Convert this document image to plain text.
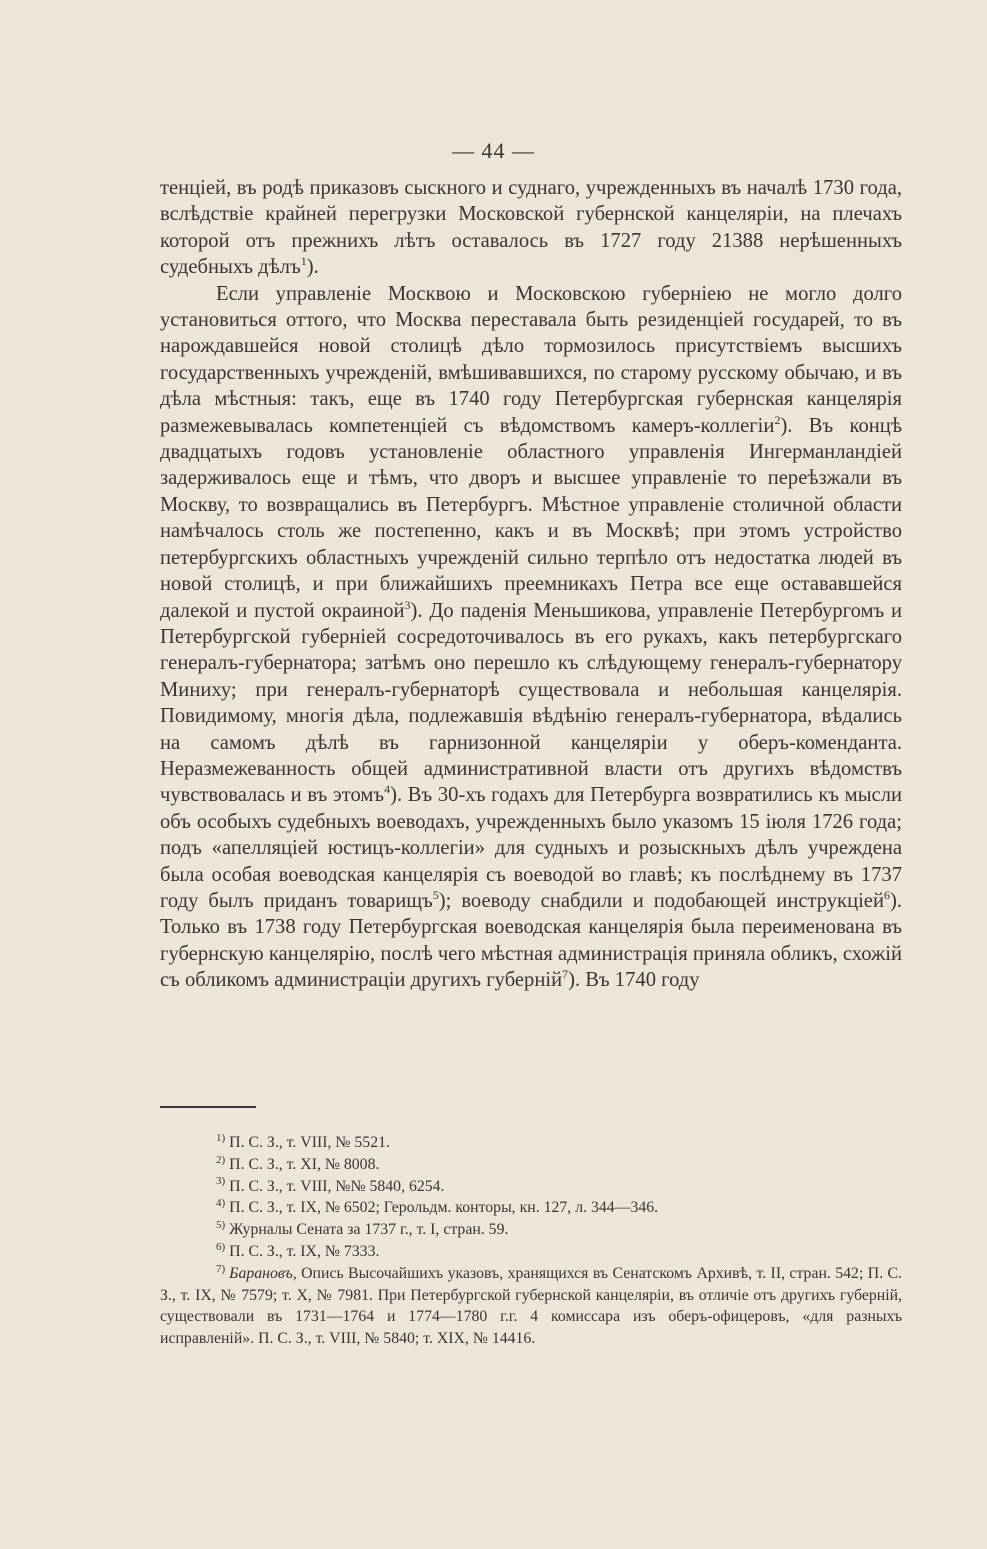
— 44 —

тенціей, въ родѣ приказовъ сыскного и суднаго, учрежденныхъ въ началѣ 1730 года, вслѣдствіе крайней перегрузки Московской губернской канцеляріи, на плечахъ которой отъ прежнихъ лѣтъ оставалось въ 1727 году 21388 нерѣшенныхъ судебныхъ дѣлъ$^1$).

Если управленіе Москвою и Московскою губерніею не могло долго установиться оттого, что Москва переставала быть резиденціей государей, то въ нарождавшейся новой столицѣ дѣло тормозилось присутствіемъ высшихъ государственныхъ учрежденій, вмѣшивавшихся, по старому русскому обычаю, и въ дѣла мѣстныя: такъ, еще въ 1740 году Петербургская губернская канцелярія размежевывалась компетенціей съ вѣдомствомъ камеръ-коллегіи$^2$). Въ концѣ двадцатыхъ годовъ установленіе областного управленія Ингерманландіей задерживалось еще и тѣмъ, что дворъ и высшее управленіе то переѣзжали въ Москву, то возвращались въ Петербургъ. Мѣстное управленіе столичной области намѣчалось столь же постепенно, какъ и въ Москвѣ; при этомъ устройство петербургскихъ областныхъ учрежденій сильно терпѣло отъ недостатка людей въ новой столицѣ, и при ближайшихъ преемникахъ Петра все еще остававшейся далекой и пустой окраиной$^3$). До паденія Меньшикова, управленіе Петербургомъ и Петербургской губерніей сосредоточивалось въ его рукахъ, какъ петербургскаго генералъ-губернатора; затѣмъ оно перешло къ слѣдующему генералъ-губернатору Миниху; при генералъ-губернаторѣ существовала и небольшая канцелярія. Повидимому, многія дѣла, подлежавшія вѣдѣнію генералъ-губернатора, вѣдались на самомъ дѣлѣ въ гарнизонной канцеляріи у оберъ-коменданта. Неразмежеванность общей административной власти отъ другихъ вѣдомствъ чувствовалась и въ этомъ$^4$). Въ 30-хъ годахъ для Петербурга возвратились къ мысли объ особыхъ судебныхъ воеводахъ, учрежденныхъ было указомъ 15 іюля 1726 года; подъ «апелляціей юстицъ-коллегіи» для судныхъ и розыскныхъ дѣлъ учреждена была особая воеводская канцелярія съ воеводой во главѣ; къ послѣднему въ 1737 году былъ приданъ товарищъ$^5$); воеводу снабдили и подобающей инструкціей$^6$). Только въ 1738 году Петербургская воеводская канцелярія была переименована въ губернскую канцелярію, послѣ чего мѣстная администрація приняла обликъ, схожій съ обликомъ администраціи другихъ губерній$^7$). Въ 1740 году

$^{1)}$ П. С. З., т. VIII, № 5521.
$^{2)}$ П. С. З., т. XI, № 8008.
$^{3)}$ П. С. З., т. VIII, №№ 5840, 6254.
$^{4)}$ П. С. З., т. IX, № 6502; Герольдм. конторы, кн. 127, л. 344—346.
$^{5)}$ Журналы Сената за 1737 г., т. I, стран. 59.
$^{6)}$ П. С. З., т. IX, № 7333.
$^{7)}$ Барановъ, Опись Высочайшихъ указовъ, хранящихся въ Сенатскомъ Архивѣ, т. II, стран. 542; П. С. З., т. IX, № 7579; т. X, № 7981. При Петербургской губернской канцеляріи, въ отличіе отъ другихъ губерній, существовали въ 1731—1764 и 1774—1780 г.г. 4 комиссара изъ оберъ-офицеровъ, «для разныхъ исправленій». П. С. З., т. VIII, № 5840; т. XIX, № 14416.
